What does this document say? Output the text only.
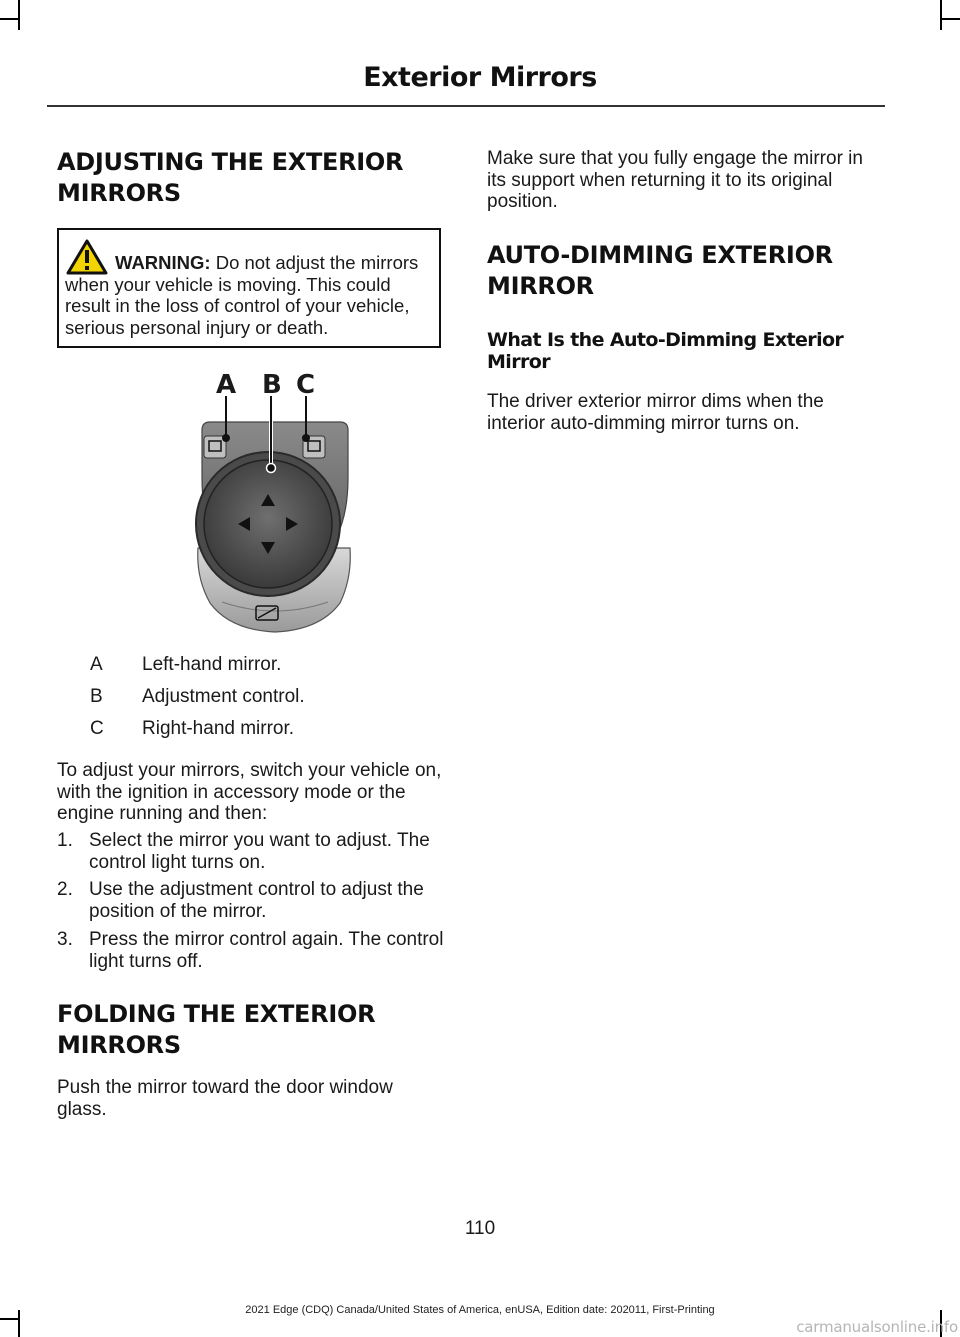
Exterior Mirrors
ADJUSTING THE EXTERIOR MIRRORS
WARNING: Do not adjust the mirrors when your vehicle is moving. This could result in the loss of control of your vehicle, serious personal injury or death.
A B C
A Left-hand mirror.
B Adjustment control.
C Right-hand mirror.

To adjust your mirrors, switch your vehicle on, with the ignition in accessory mode or the engine running and then:

1. Select the mirror you want to adjust. The control light turns on.
2. Use the adjustment control to adjust the position of the mirror.
3. Press the mirror control again. The control light turns off.
FOLDING THE EXTERIOR MIRRORS

Push the mirror toward the door window glass.

Make sure that you fully engage the mirror in its support when returning it to its original position.

AUTO-DIMMING EXTERIOR MIRROR
What Is the Auto-Dimming Exterior Mirror

The driver exterior mirror dims when the interior auto-dimming mirror turns on.

110
2021 Edge (CDQ) Canada/United States of America, enUSA, Edition date: 202011, First-Printing
carmanualsonline.info
